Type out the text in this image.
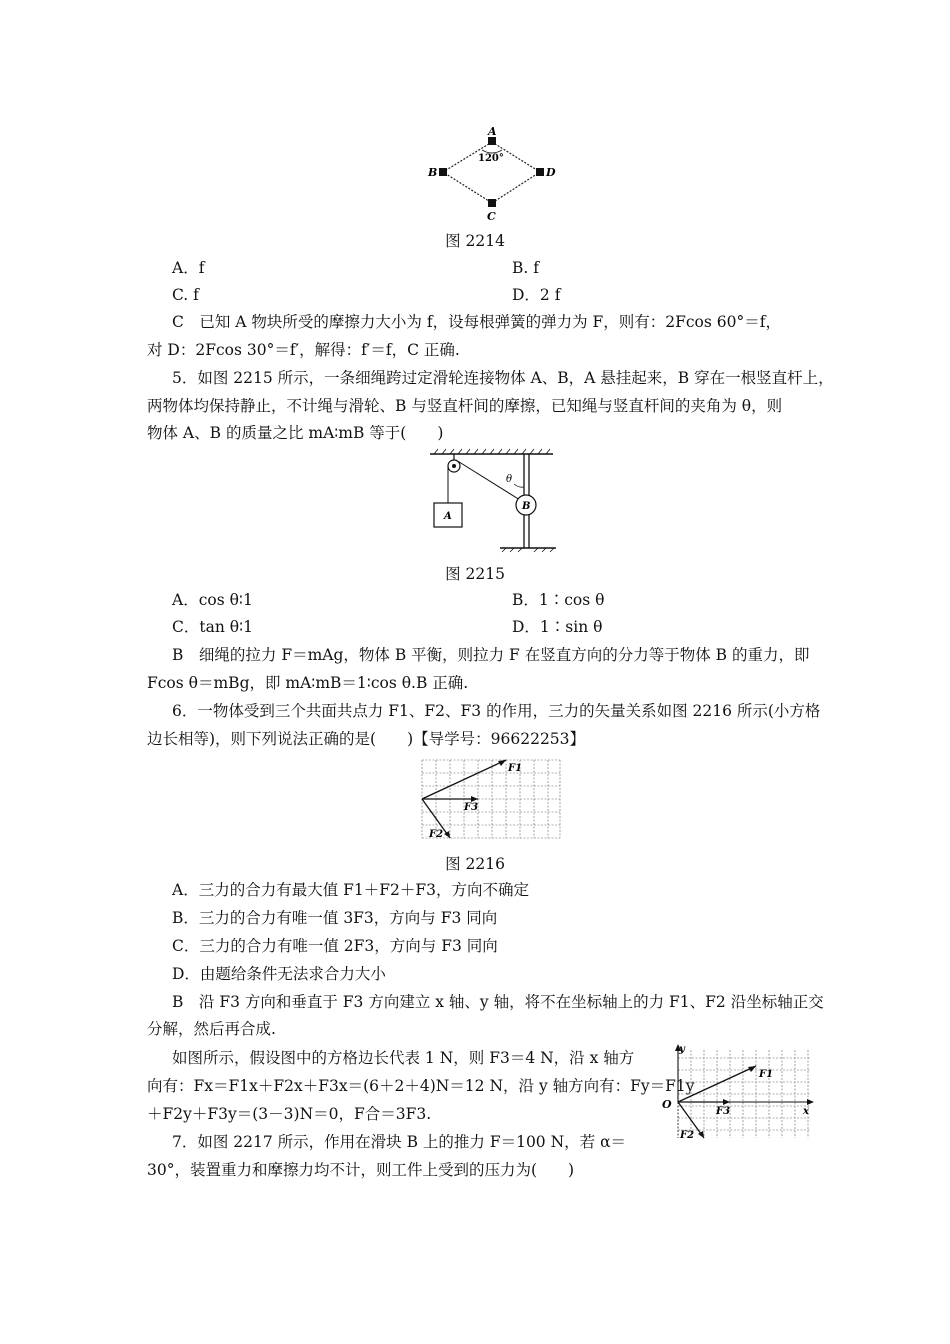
A
B
C
D
120°
图 2214
A．f	B. f
C. f	D．2 f
C　已知 A 物块所受的摩擦力大小为 f，设每根弹簧的弹力为 F，则有：2Fcos 60°＝f，
对 D：2Fcos 30°＝f′，解得：f′＝f，C 正确.
5．如图 2215 所示，一条细绳跨过定滑轮连接物体 A、B，A 悬挂起来，B 穿在一根竖直杆上，
两物体均保持静止，不计绳与滑轮、B 与竖直杆间的摩擦，已知绳与竖直杆间的夹角为 θ，则
物体 A、B 的质量之比 mA∶mB 等于(　　)
A
B
θ
图 2215
A．cos θ∶1	B．1∶cos θ
C．tan θ∶1	D．1∶sin θ
B　细绳的拉力 F＝mAg，物体 B 平衡，则拉力 F 在竖直方向的分力等于物体 B 的重力，即
Fcos θ＝mBg，即 mA∶mB＝1∶cos θ.B 正确.
6．一物体受到三个共面共点力 F1、F2、F3 的作用，三力的矢量关系如图 2216 所示(小方格
边长相等)，则下列说法正确的是(　　)【导学号：96622253】
F1
F3
F2
图 2216
A．三力的合力有最大值 F1＋F2＋F3，方向不确定
B．三力的合力有唯一值 3F3，方向与 F3 同向
C．三力的合力有唯一值 2F3，方向与 F3 同向
D．由题给条件无法求合力大小
B　沿 F3 方向和垂直于 F3 方向建立 x 轴、y 轴，将不在坐标轴上的力 F1、F2 沿坐标轴正交
分解，然后再合成.
如图所示，假设图中的方格边长代表 1 N，则 F3＝4 N，沿 x 轴方
向有：Fx＝F1x＋F2x＋F3x＝(6＋2＋4)N＝12 N，沿 y 轴方向有：Fy＝F1y
＋F2y＋F3y＝(3－3)N＝0，F合＝3F3.
y
O
x
F1
F3
F2
7．如图 2217 所示，作用在滑块 B 上的推力 F＝100 N，若 α＝
30°，装置重力和摩擦力均不计，则工件上受到的压力为(　　)
